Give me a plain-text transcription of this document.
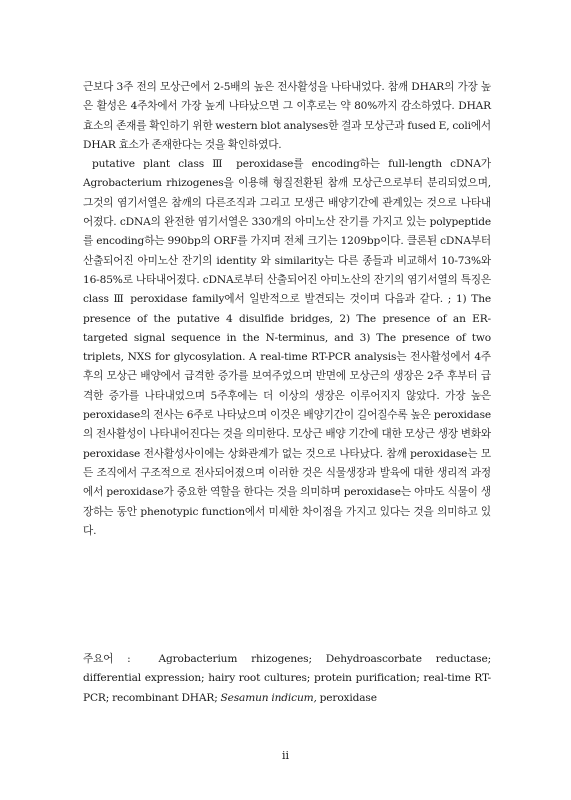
근보다 3주 전의 모상근에서 2-5배의 높은 전사활성을 나타내었다. 참깨 DHAR의 가장 높은 활성은 4주차에서 가장 높게 나타났으면 그 이후로는 약 80%까지 감소하였다. DHAR 효소의 존재를 확인하기 위한 western blot analyses한 결과 모상근과 fused E, coli에서 DHAR 효소가 존재한다는 것을 확인하였다.

putative plant class Ⅲ peroxidase를 encoding하는 full-length cDNA가 Agrobacterium rhizogenes을 이용해 형질전환된 참깨 모상근으로부터 분리되었으며, 그것의 염기서열은 참깨의 다른조직과 그리고 모생근 배양기간에 관계있는 것으로 나타내어졌다. cDNA의 완전한 염기서열은 330개의 아미노산 잔기를 가지고 있는 polypeptide를 encoding하는 990bp의 ORF를 가지며 전체 크기는 1209bp이다. 클론된 cDNA부터 산출되어진 아미노산 잔기의 identity 와 similarity는 다른 종들과 비교해서 10-73%와 16-85%로 나타내어졌다. cDNA로부터 산출되어진 아미노산의 잔기의 염기서열의 특징은 class Ⅲ peroxidase family에서 일반적으로 발견되는 것이며 다음과 같다. ; 1) The presence of the putative 4 disulfide bridges, 2) The presence of an ER-targeted signal sequence in the N-terminus, and 3) The presence of two triplets, NXS for glycosylation. A real-time RT-PCR analysis는 전사활성에서 4주후의 모상근 배양에서 급격한 증가를 보여주었으며 반면에 모상근의 생장은 2주 후부터 급격한 증가를 나타내었으며 5주후에는 더 이상의 생장은 이루어지지 않았다. 가장 높은 peroxidase의 전사는 6주로 나타났으며 이것은 배양기간이 길어질수록 높은 peroxidase의 전사활성이 나타내어진다는 것을 의미한다. 모상근 배양 기간에 대한 모상근 생장 변화와 peroxidase 전사활성사이에는 상화관계가 없는 것으로 나타났다. 참깨 peroxidase는 모든 조직에서 구조적으로 전사되어졌으며 이러한 것은 식물생장과 발육에 대한 생리적 과정에서 peroxidase가 중요한 역할을 한다는 것을 의미하며 peroxidase는 아마도 식물이 생장하는 동안 phenotypic function에서 미세한 차이점을 가지고 있다는 것을 의미하고 있다.

주요어 :	Agrobacterium rhizogenes; Dehydroascorbate reductase; differential expression; hairy root cultures; protein purification; real-time RT-PCR; recombinant DHAR; Sesamun indicum, peroxidase

ii
